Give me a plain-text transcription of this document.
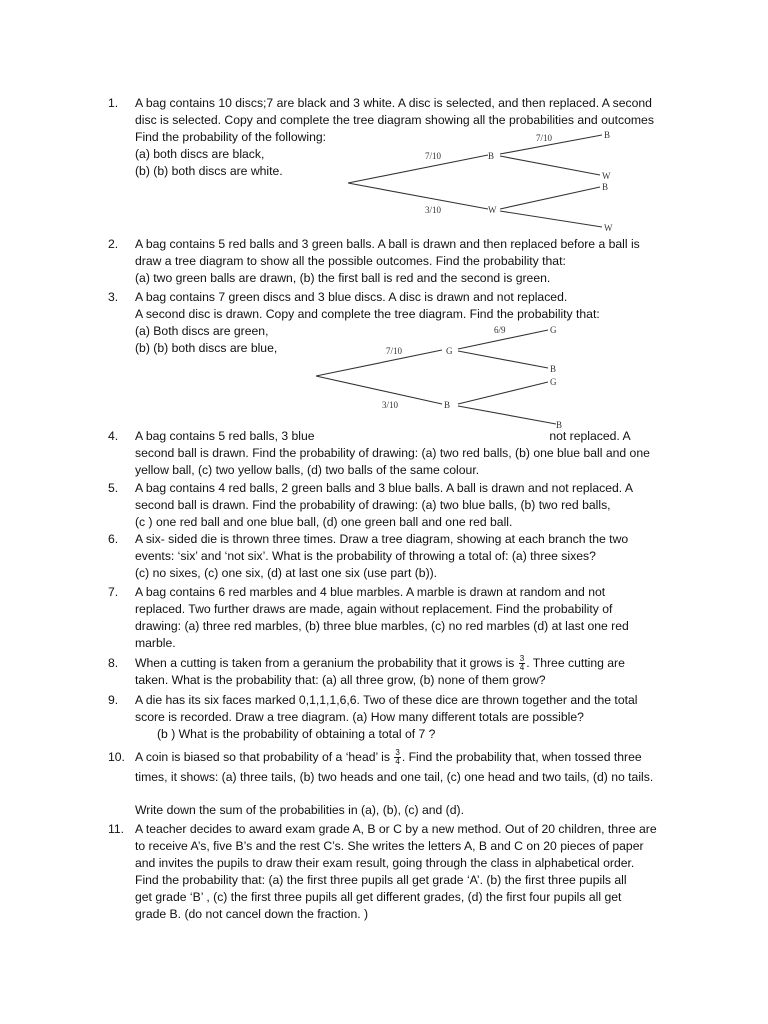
1.	A bag contains 10 discs;7 are black and 3 white. A disc is selected, and then replaced. A second
disc is selected. Copy and complete the tree diagram showing all the probabilities and outcomes
Find the probability of the following:
(a) both discs are black,
(b) (b) both discs are white.
7/10	B
3/10	W
7/10	B
W
B
W
2.	A bag contains 5 red balls and 3 green balls. A ball is drawn and then replaced before a ball is
draw a tree diagram to show all the possible outcomes. Find the probability that:
(a) two green balls are drawn, (b) the first ball is red and the second is green.
3.	A bag contains 7 green discs and 3 blue discs. A disc is drawn and not replaced.
A second disc is drawn. Copy and complete the tree diagram. Find the probability that:
(a) Both discs are green,
(b) (b) both discs are blue,	7/10	G
3/10	B
6/9	G
B
G
B
4.	A bag contains 5 red balls, 3 blue	not replaced. A
second ball is drawn. Find the probability of drawing: (a) two red balls, (b) one blue ball and one
yellow ball, (c) two yellow balls, (d) two balls of the same colour.
5.	A bag contains 4 red balls, 2 green balls and 3 blue balls. A ball is drawn and not replaced. A
second ball is drawn. Find the probability of drawing: (a) two blue balls, (b) two red balls,
(c ) one red ball and one blue ball, (d) one green ball and one red ball.
6.	A six- sided die is thrown three times. Draw a tree diagram, showing at each branch the two
events: ‘six’ and ‘not six’. What is the probability of throwing a total of: (a) three sixes?
(c) no sixes, (c) one six, (d) at last one six (use part (b)).
7.	A bag contains 6 red marbles and 4 blue marbles. A marble is drawn at random and not
replaced. Two further draws are made, again without replacement. Find the probability of
drawing: (a) three red marbles, (b) three blue marbles, (c) no red marbles (d) at last one red
marble.
8.	When a cutting is taken from a geranium the probability that it grows is $\frac{3}{4}$ . Three cutting are
taken. What is the probability that: (a) all three grow, (b) none of them grow?
9.	A die has its six faces marked 0,1,1,1,6,6. Two of these dice are thrown together and the total
score is recorded. Draw a tree diagram. (a) How many different totals are possible?
(b ) What is the probability of obtaining a total of 7 ?
10. A coin is biased so that probability of a ‘head’ is $\frac{3}{4}$ . Find the probability that, when tossed three
times, it shows: (a) three tails, (b) two heads and one tail, (c) one head and two tails, (d) no tails.
Write down the sum of the probabilities in (a), (b), (c) and (d).
11. A teacher decides to award exam grade A, B or C by a new method. Out of 20 children, three are
to receive A’s, five B’s and the rest C’s. She writes the letters A, B and C on 20 pieces of paper
and invites the pupils to draw their exam result, going through the class in alphabetical order.
Find the probability that: (a) the first three pupils all get grade ‘A’. (b) the first three pupils all
get grade ‘B’ , (c) the first three pupils all get different grades, (d) the first four pupils all get
grade B. (do not cancel down the fraction. )
